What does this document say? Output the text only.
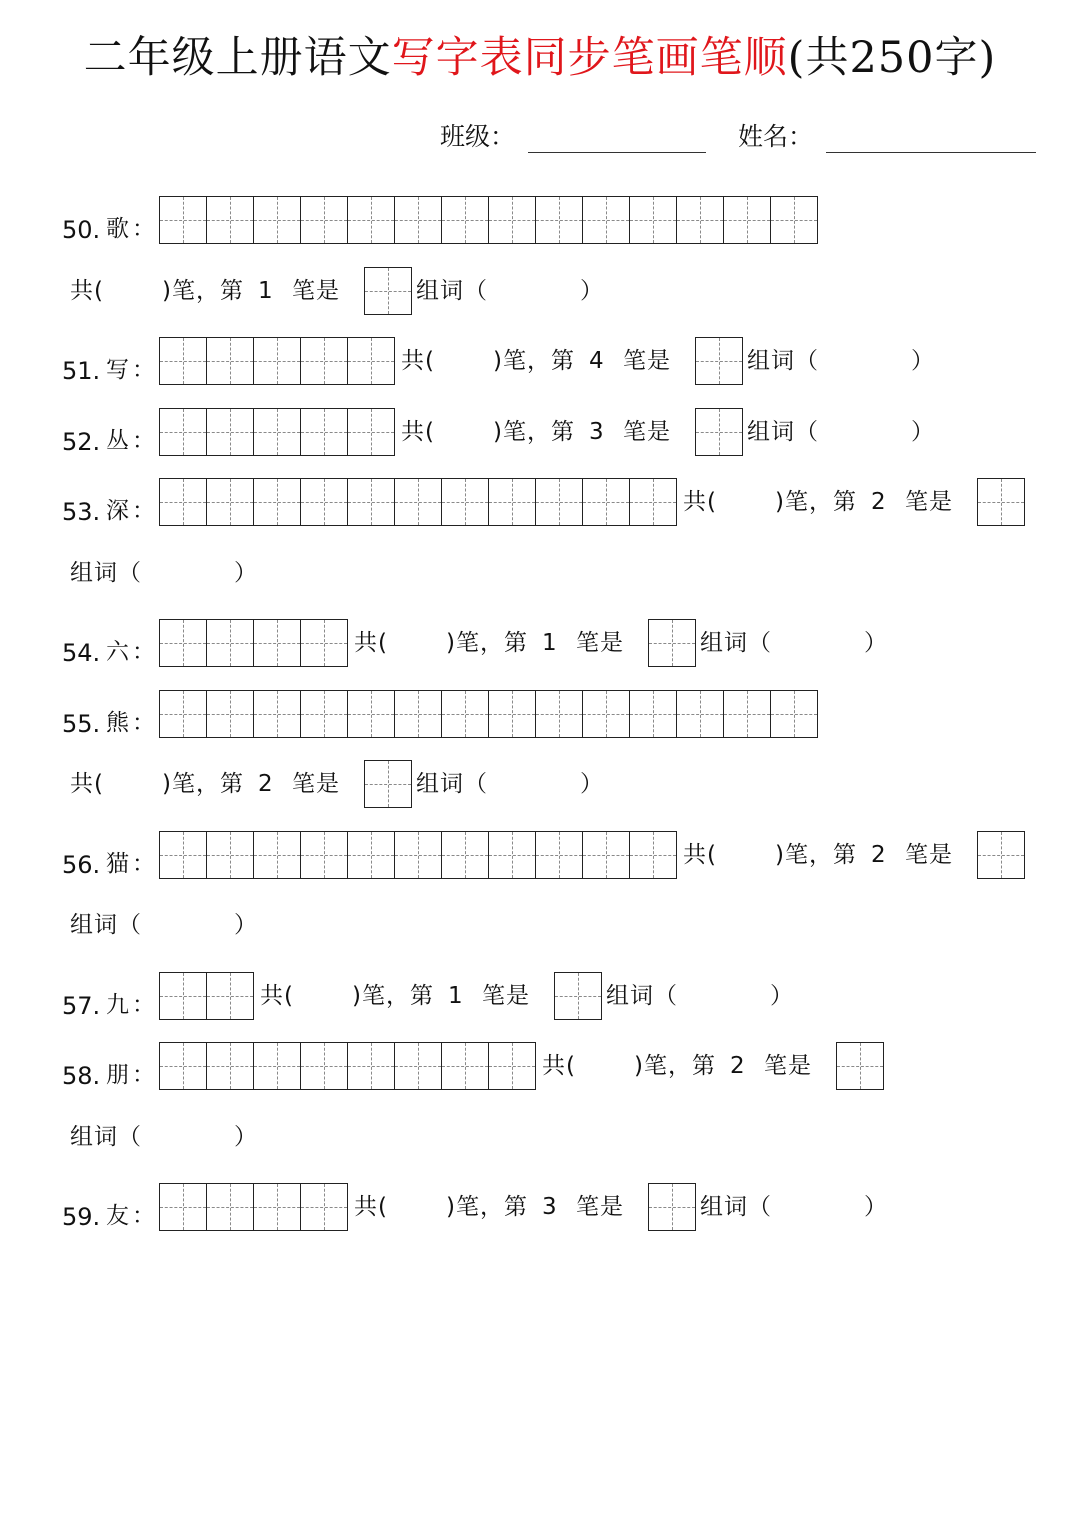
二年级上册语文写字表同步笔画笔顺(共250字)
班级：	姓名：
50. 歌 ：
共(	)笔，第 1 笔是	组词（	）
51. 写 ：	共(	)笔，第 4 笔是	组词（	）
52. 丛 ：	共(	)笔，第 3 笔是	组词（	）
53. 深 ：	共(	)笔，第 2 笔是
组词（	）
54. 六 ：	共(	)笔，第 1 笔是	组词（	）
55. 熊 ：
共(	)笔，第 2 笔是	组词（	）
56. 猫 ：	共(	)笔，第 2 笔是
组词（	）
57. 九 ：	共(	)笔，第 1 笔是	组词（	）
58. 朋 ：	共(	)笔，第 2 笔是
组词（	）
59. 友 ：	共(	)笔，第 3 笔是	组词（	）
